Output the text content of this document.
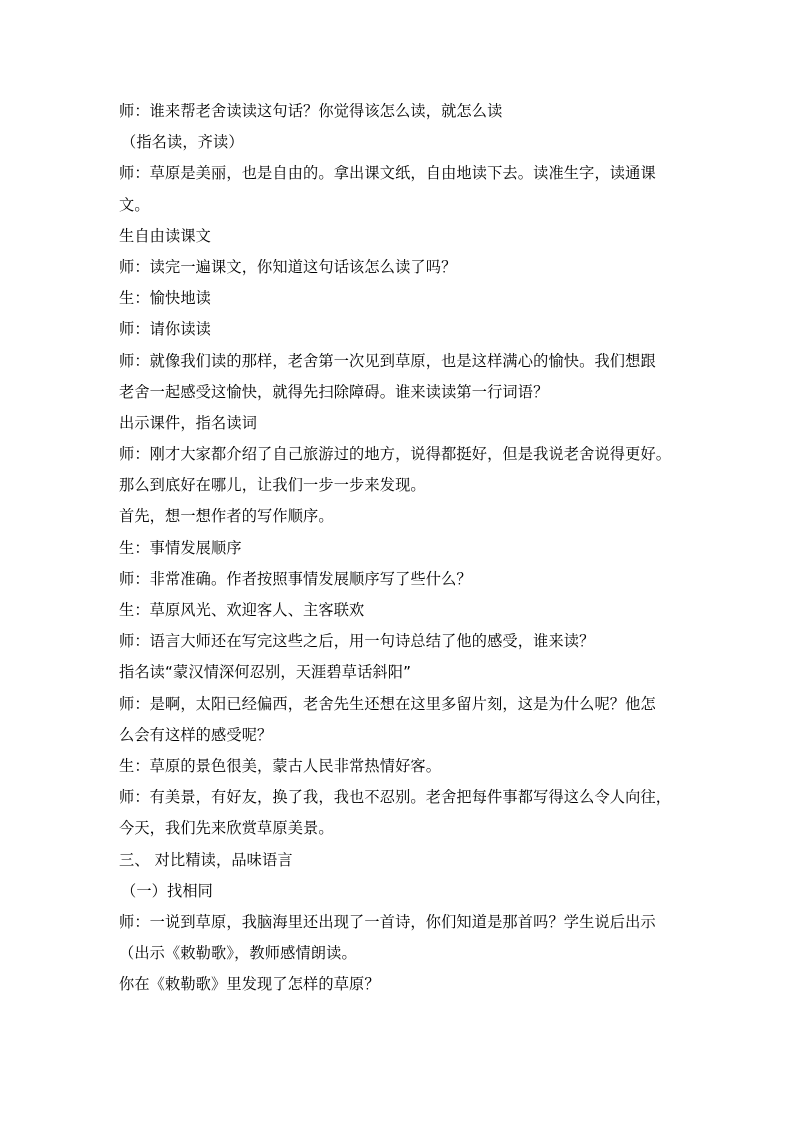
师：谁来帮老舍读读这句话？你觉得该怎么读，就怎么读
（指名读，齐读）
师：草原是美丽，也是自由的。拿出课文纸，自由地读下去。读准生字，读通课
文。
生自由读课文
师：读完一遍课文，你知道这句话该怎么读了吗？
生：愉快地读
师：请你读读
师：就像我们读的那样，老舍第一次见到草原，也是这样满心的愉快。我们想跟
老舍一起感受这愉快，就得先扫除障碍。谁来读读第一行词语？
出示课件，指名读词
师：刚才大家都介绍了自己旅游过的地方，说得都挺好，但是我说老舍说得更好。
那么到底好在哪儿，让我们一步一步来发现。
首先，想一想作者的写作顺序。
生：事情发展顺序
师：非常准确。作者按照事情发展顺序写了些什么？
生：草原风光、欢迎客人、主客联欢
师：语言大师还在写完这些之后，用一句诗总结了他的感受，谁来读？
指名读“蒙汉情深何忍别，天涯碧草话斜阳”
师：是啊，太阳已经偏西，老舍先生还想在这里多留片刻，这是为什么呢？他怎
么会有这样的感受呢？
生：草原的景色很美，蒙古人民非常热情好客。
师：有美景，有好友，换了我，我也不忍别。老舍把每件事都写得这么令人向往，
今天，我们先来欣赏草原美景。
三、 对比精读，品味语言
（一）找相同
师：一说到草原，我脑海里还出现了一首诗，你们知道是那首吗？学生说后出示
（出示《敕勒歌》，教师感情朗读。
你在《敕勒歌》里发现了怎样的草原？
